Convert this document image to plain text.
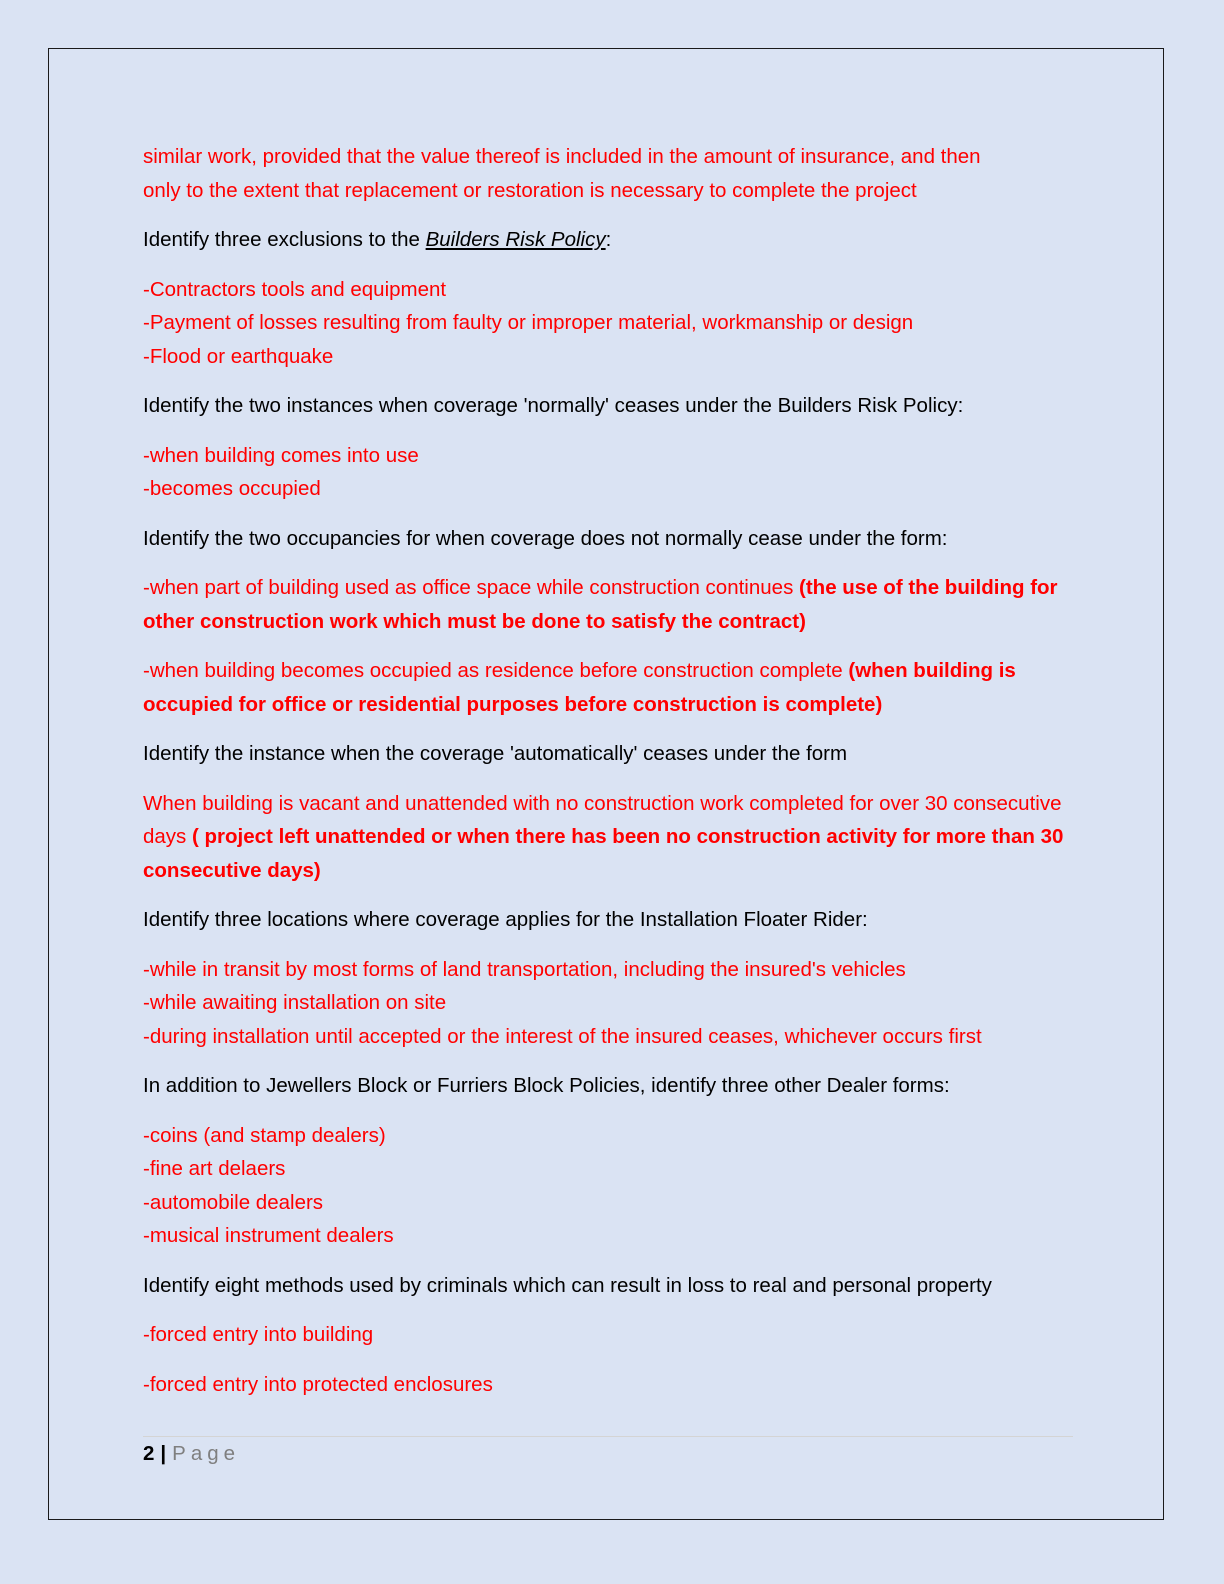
similar work, provided that the value thereof is included in the amount of insurance, and then
only to the extent that replacement or restoration is necessary to complete the project

Identify three exclusions to the Builders Risk Policy:

-Contractors tools and equipment
-Payment of losses resulting from faulty or improper material, workmanship or design
-Flood or earthquake

Identify the two instances when coverage 'normally' ceases under the Builders Risk Policy:

-when building comes into use
-becomes occupied

Identify the two occupancies for when coverage does not normally cease under the form:

-when part of building used as office space while construction continues (the use of the building for other construction work which must be done to satisfy the contract)

-when building becomes occupied as residence before construction complete (when building is occupied for office or residential purposes before construction is complete)

Identify the instance when the coverage 'automatically' ceases under the form

When building is vacant and unattended with no construction work completed for over 30 consecutive days ( project left unattended or when there has been no construction activity for more than 30 consecutive days)

Identify three locations where coverage applies for the Installation Floater Rider:

-while in transit by most forms of land transportation, including the insured's vehicles
-while awaiting installation on site
-during installation until accepted or the interest of the insured ceases, whichever occurs first

In addition to Jewellers Block or Furriers Block Policies, identify three other Dealer forms:

-coins (and stamp dealers)
-fine art delaers
-automobile dealers
-musical instrument dealers

Identify eight methods used by criminals which can result in loss to real and personal property

-forced entry into building

-forced entry into protected enclosures

2 | Page
